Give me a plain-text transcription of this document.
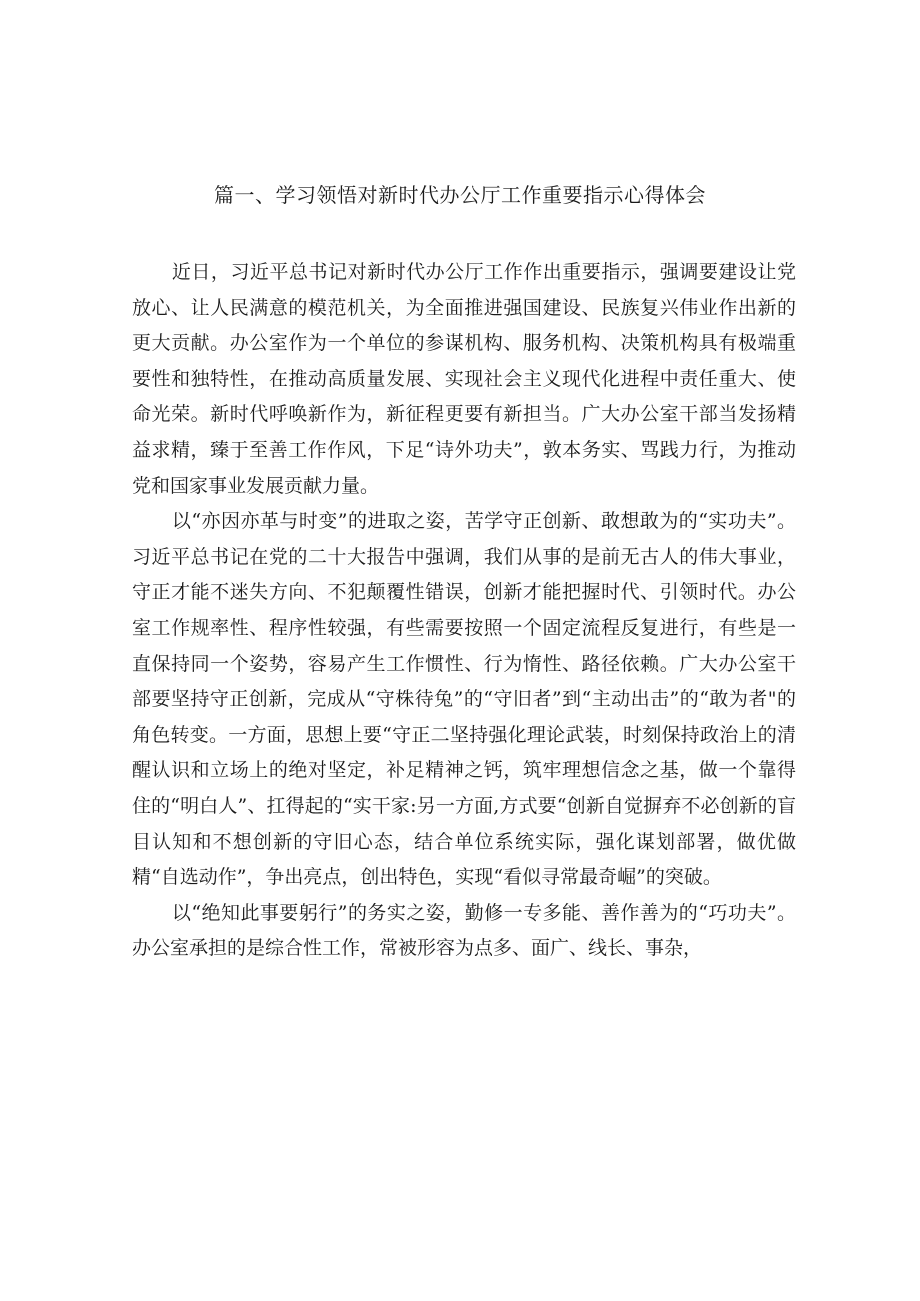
篇一、学习领悟对新时代办公厅工作重要指示心得体会

近日，习近平总书记对新时代办公厅工作作出重要指示，强调要建设让党放心、让人民满意的模范机关，为全面推进强国建设、民族复兴伟业作出新的更大贡献。办公室作为一个单位的参谋机构、服务机构、决策机构具有极端重要性和独特性，在推动高质量发展、实现社会主义现代化进程中责任重大、使命光荣。新时代呼唤新作为，新征程更要有新担当。广大办公室干部当发扬精益求精，臻于至善工作作风，下足“诗外功夫”，敦本务实、骂践力行，为推动党和国家事业发展贡献力量。

以“亦因亦革与时变”的进取之姿，苦学守正创新、敢想敢为的“实功夫”。习近平总书记在党的二十大报告中强调，我们从事的是前无古人的伟大事业，守正才能不迷失方向、不犯颠覆性错误，创新才能把握时代、引领时代。办公室工作规率性、程序性较强，有些需要按照一个固定流程反复进行，有些是一直保持同一个姿势，容易产生工作惯性、行为惰性、路径依赖。广大办公室干部要坚持守正创新，完成从“守株待兔”的“守旧者”到“主动出击”的“敢为者"的角色转变。一方面，思想上要“守正二坚持强化理论武装，时刻保持政治上的清醒认识和立场上的绝对坚定，补足精神之钙，筑牢理想信念之基，做一个靠得住的“明白人”、扛得起的“实干家:另一方面,方式要“创新自觉摒弃不必创新的盲目认知和不想创新的守旧心态，结合单位系统实际，强化谋划部署，做优做精“自选动作”，争出亮点，创出特色，实现“看似寻常最奇崛”的突破。

以“绝知此事要躬行”的务实之姿，勤修一专多能、善作善为的“巧功夫”。办公室承担的是综合性工作，常被形容为点多、面广、线长、事杂，
